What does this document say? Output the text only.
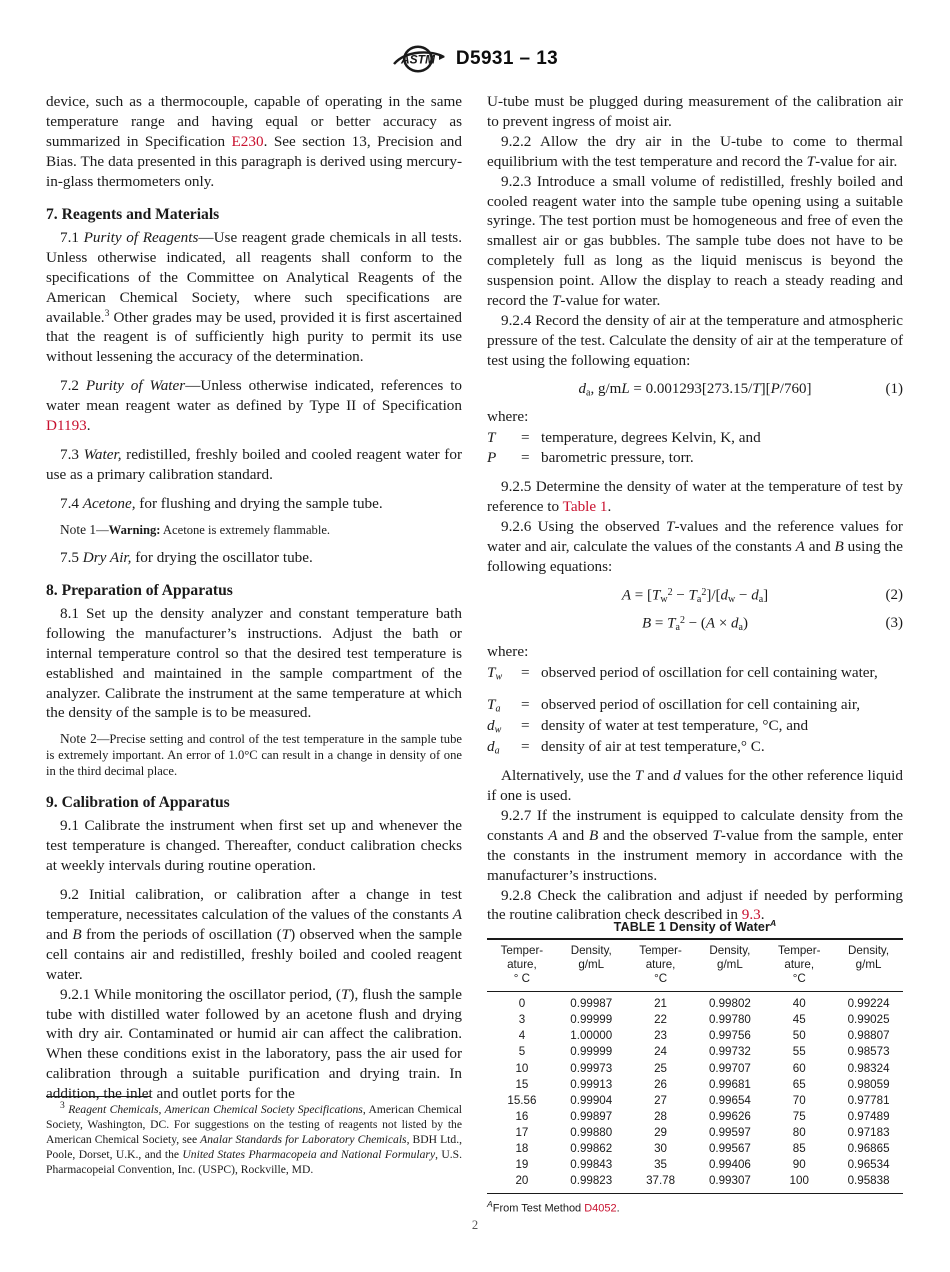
ASTM D5931 – 13

device, such as a thermocouple, capable of operating in the same temperature range and having equal or better accuracy as summarized in Specification E230. See section 13, Precision and Bias. The data presented in this paragraph is derived using mercury-in-glass thermometers only.

7. Reagents and Materials

7.1 Purity of Reagents—Use reagent grade chemicals in all tests. Unless otherwise indicated, all reagents shall conform to the specifications of the Committee on Analytical Reagents of the American Chemical Society, where such specifications are available.$^3$ Other grades may be used, provided it is first ascertained that the reagent is of sufficiently high purity to permit its use without lessening the accuracy of the determination.

7.2 Purity of Water—Unless otherwise indicated, references to water mean reagent water as defined by Type II of Specification D1193.

7.3 Water, redistilled, freshly boiled and cooled reagent water for use as a primary calibration standard.

7.4 Acetone, for flushing and drying the sample tube.

Note 1—Warning: Acetone is extremely flammable.

7.5 Dry Air, for drying the oscillator tube.

8. Preparation of Apparatus

8.1 Set up the density analyzer and constant temperature bath following the manufacturer’s instructions. Adjust the bath or internal temperature control so that the desired test temperature is established and maintained in the sample compartment of the analyzer. Calibrate the instrument at the same temperature at which the density of the sample is to be measured.

Note 2—Precise setting and control of the test temperature in the sample tube is extremely important. An error of 1.0°C can result in a change in density of one in the third decimal place.

9. Calibration of Apparatus

9.1 Calibrate the instrument when first set up and whenever the test temperature is changed. Thereafter, conduct calibration checks at weekly intervals during routine operation.

9.2 Initial calibration, or calibration after a change in test temperature, necessitates calculation of the values of the constants A and B from the periods of oscillation (T) observed when the sample cell contains air and redistilled, freshly boiled and cooled reagent water.

9.2.1 While monitoring the oscillator period, (T), flush the sample tube with distilled water followed by an acetone flush and drying with dry air. Contaminated or humid air can affect the calibration. When these conditions exist in the laboratory, pass the air used for calibration through a suitable purification and drying train. In addition, the inlet and outlet ports for the

$^3$ Reagent Chemicals, American Chemical Society Specifications, American Chemical Society, Washington, DC. For suggestions on the testing of reagents not listed by the American Chemical Society, see Analar Standards for Laboratory Chemicals, BDH Ltd., Poole, Dorset, U.K., and the United States Pharmacopeia and National Formulary, U.S. Pharmacopeial Convention, Inc. (USPC), Rockville, MD.

U-tube must be plugged during measurement of the calibration air to prevent ingress of moist air.

9.2.2 Allow the dry air in the U-tube to come to thermal equilibrium with the test temperature and record the T-value for air.

9.2.3 Introduce a small volume of redistilled, freshly boiled and cooled reagent water into the sample tube opening using a suitable syringe. The test portion must be homogeneous and free of even the smallest air or gas bubbles. The sample tube does not have to be completely full as long as the liquid meniscus is beyond the suspension point. Allow the display to reach a steady reading and record the T-value for water.

9.2.4 Record the density of air at the temperature and atmospheric pressure of the test. Calculate the density of air at the temperature of test using the following equation:

$d_a$, g/mL = 0.001293[273.15/T][P/760]	(1)

where:

T	= temperature, degrees Kelvin, K, and
P	= barometric pressure, torr.

9.2.5 Determine the density of water at the temperature of test by reference to Table 1.

9.2.6 Using the observed T-values and the reference values for water and air, calculate the values of the constants A and B using the following equations:

$A = [T_w^2 - T_a^2]/[d_w - d_a]$	(2)
$B = T_a^2 - (A \times d_a)$	(3)

where:

$T_w$	= observed period of oscillation for cell containing water,
$T_a$	= observed period of oscillation for cell containing air,
$d_w$	= density of water at test temperature, °C, and
$d_a$	= density of air at test temperature,° C.

Alternatively, use the T and d values for the other reference liquid if one is used.

9.2.7 If the instrument is equipped to calculate density from the constants A and B and the observed T-value from the sample, enter the constants in the instrument memory in accordance with the manufacturer’s instructions.

9.2.8 Check the calibration and adjust if needed by performing the routine calibration check described in 9.3.

TABLE 1 Density of Water$^A$
Temper-
ature,
° C	Density,
g/mL	Temper-
ature,
°C	Density,
g/mL	Temper-
ature,
°C	Density,
g/mL
0	0.99987	21	0.99802	40	0.99224
3	0.99999	22	0.99780	45	0.99025
4	1.00000	23	0.99756	50	0.98807
5	0.99999	24	0.99732	55	0.98573
10	0.99973	25	0.99707	60	0.98324
15	0.99913	26	0.99681	65	0.98059
15.56	0.99904	27	0.99654	70	0.97781
16	0.99897	28	0.99626	75	0.97489
17	0.99880	29	0.99597	80	0.97183
18	0.99862	30	0.99567	85	0.96865
19	0.99843	35	0.99406	90	0.96534
20	0.99823	37.78	0.99307	100	0.95838
$^A$From Test Method D4052.
2
